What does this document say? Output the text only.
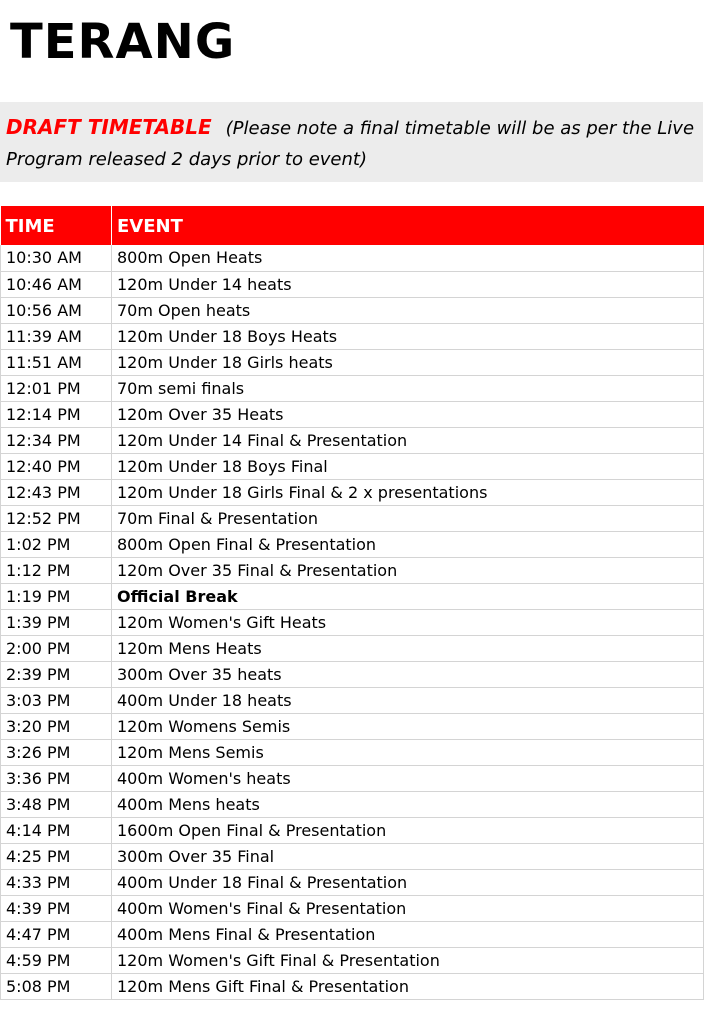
TERANG
DRAFT TIMETABLE (Please note a final timetable will be as per the Live Program released 2 days prior to event)
TIME	EVENT
10:30 AM	800m Open Heats
10:46 AM	120m Under 14 heats
10:56 AM	70m Open heats
11:39 AM	120m Under 18 Boys Heats
11:51 AM	120m Under 18 Girls heats
12:01 PM	70m semi finals
12:14 PM	120m Over 35 Heats
12:34 PM	120m Under 14 Final & Presentation
12:40 PM	120m Under 18 Boys Final
12:43 PM	120m Under 18 Girls Final & 2 x presentations
12:52 PM	70m Final & Presentation
1:02 PM	800m Open Final & Presentation
1:12 PM	120m Over 35 Final & Presentation
1:19 PM	Official Break
1:39 PM	120m Women's Gift Heats
2:00 PM	120m Mens Heats
2:39 PM	300m Over 35 heats
3:03 PM	400m Under 18 heats
3:20 PM	120m Womens Semis
3:26 PM	120m Mens Semis
3:36 PM	400m Women's heats
3:48 PM	400m Mens heats
4:14 PM	1600m Open Final & Presentation
4:25 PM	300m Over 35 Final
4:33 PM	400m Under 18 Final & Presentation
4:39 PM	400m Women's Final & Presentation
4:47 PM	400m Mens Final & Presentation
4:59 PM	120m Women's Gift Final & Presentation
5:08 PM	120m Mens Gift Final & Presentation
